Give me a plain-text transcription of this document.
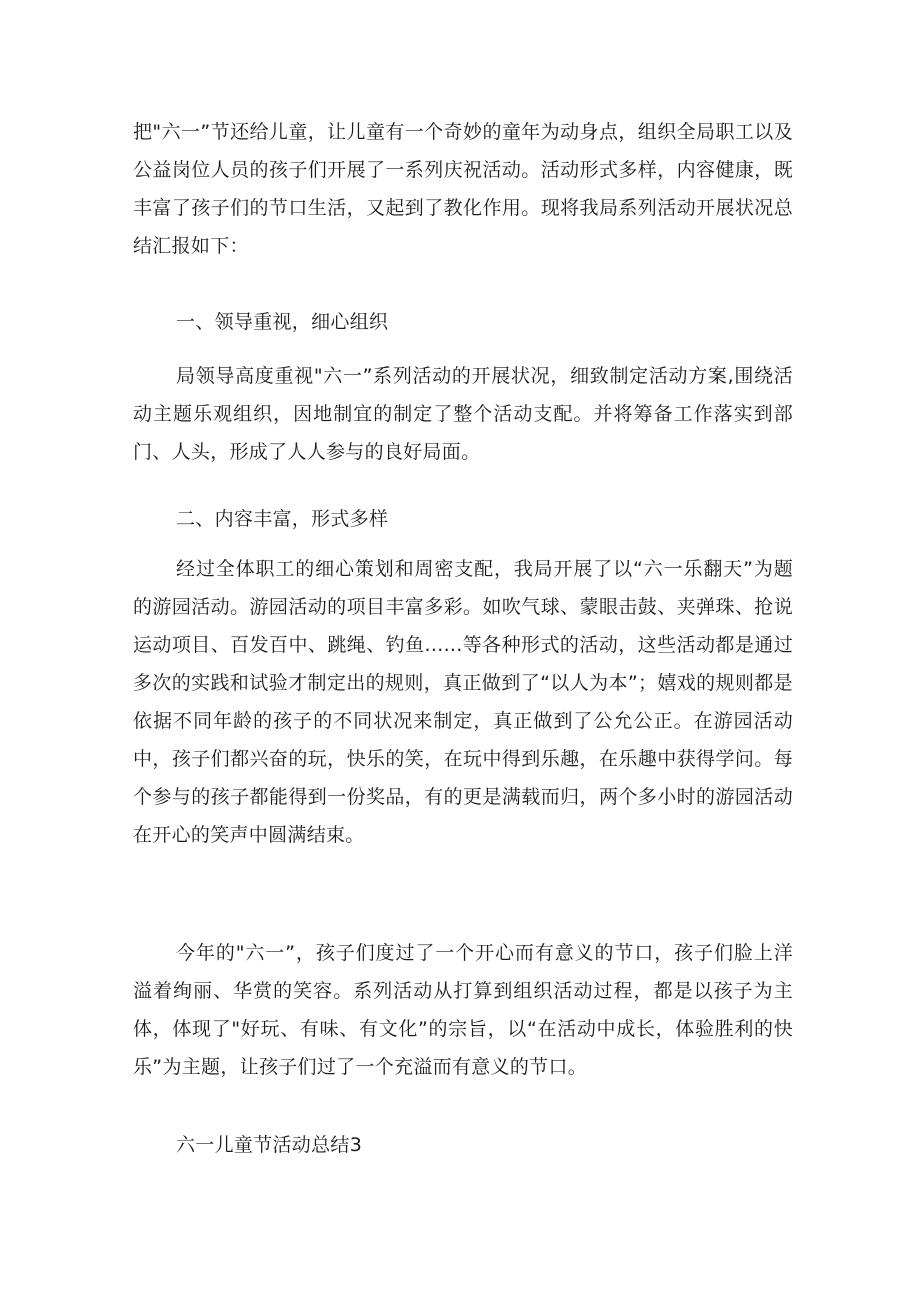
把"六一”节还给儿童，让儿童有一个奇妙的童年为动身点，组织全局职工以及公益岗位人员的孩子们开展了一系列庆祝活动。活动形式多样，内容健康，既丰富了孩子们的节口生活，又起到了教化作用。现将我局系列活动开展状况总结汇报如下：

一、领导重视，细心组织

局领导高度重视"六一”系列活动的开展状况，细致制定活动方案,围绕活动主题乐观组织，因地制宜的制定了整个活动支配。并将筹备工作落实到部门、人头，形成了人人参与的良好局面。

二、内容丰富，形式多样

经过全体职工的细心策划和周密支配，我局开展了以“六一乐翻天”为题的游园活动。游园活动的项目丰富多彩。如吹气球、蒙眼击鼓、夹弹珠、抢说运动项目、百发百中、跳绳、钓鱼......等各种形式的活动，这些活动都是通过多次的实践和试验才制定出的规则，真正做到了“以人为本”；嬉戏的规则都是依据不同年龄的孩子的不同状况来制定，真正做到了公允公正。在游园活动中，孩子们都兴奋的玩，快乐的笑，在玩中得到乐趣，在乐趣中获得学问。每个参与的孩子都能得到一份奖品，有的更是满载而归，两个多小时的游园活动在开心的笑声中圆满结束。

今年的"六一”，孩子们度过了一个开心而有意义的节口，孩子们脸上洋溢着绚丽、华赏的笑容。系列活动从打算到组织活动过程，都是以孩子为主体，体现了"好玩、有味、有文化”的宗旨，以“在活动中成长，体验胜利的快乐”为主题，让孩子们过了一个充溢而有意义的节口。

六一儿童节活动总结3
